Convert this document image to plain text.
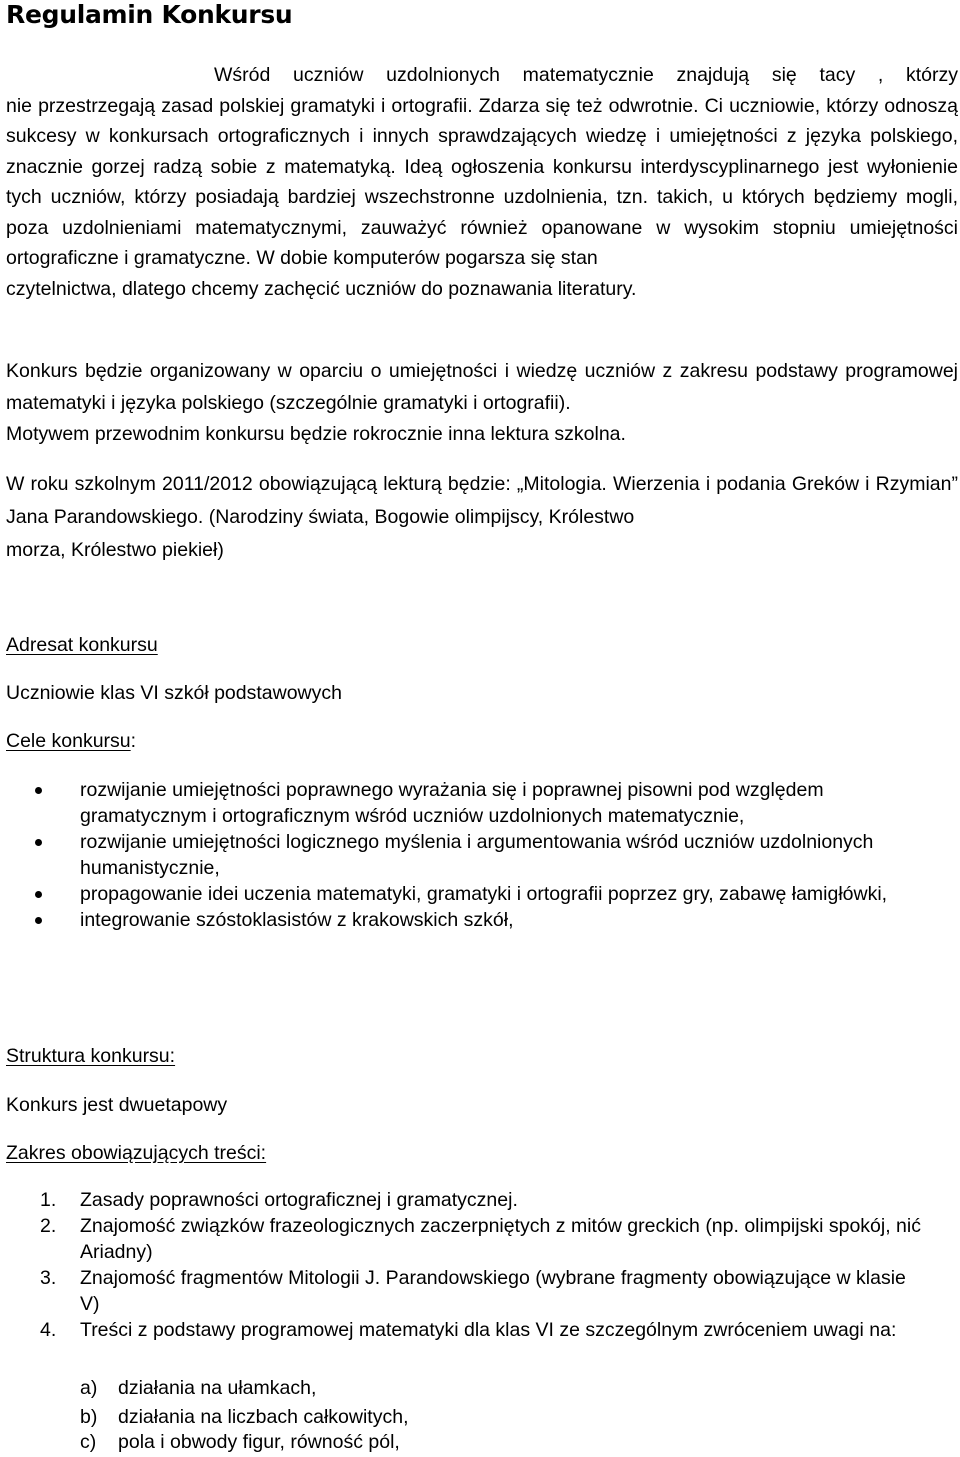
Regulamin Konkursu
Wśród uczniów uzdolnionych matematycznie znajdują się tacy , którzy
nie przestrzegają zasad polskiej gramatyki i ortografii. Zdarza się też odwrotnie. Ci uczniowie, którzy odnoszą sukcesy w konkursach ortograficznych i innych sprawdzających wiedzę i umiejętności z języka polskiego, znacznie gorzej radzą sobie z matematyką. Ideą ogłoszenia konkursu interdyscyplinarnego jest wyłonienie tych uczniów, którzy posiadają bardziej wszechstronne uzdolnienia, tzn. takich, u których będziemy mogli, poza uzdolnieniami matematycznymi, zauważyć również opanowane w wysokim stopniu umiejętności ortograficzne i gramatyczne. W dobie komputerów pogarsza się stan
czytelnictwa, dlatego chcemy zachęcić uczniów do poznawania literatury.
Konkurs będzie organizowany w oparciu o umiejętności i wiedzę uczniów z zakresu podstawy programowej matematyki i języka polskiego (szczególnie gramatyki i ortografii).
Motywem przewodnim konkursu będzie rokrocznie inna lektura szkolna.
W roku szkolnym 2011/2012 obowiązującą lekturą będzie: „Mitologia. Wierzenia i podania Greków i Rzymian” Jana Parandowskiego. (Narodziny świata, Bogowie olimpijscy, Królestwo
morza, Królestwo piekieł)
Adresat konkursu
Uczniowie klas VI szkół podstawowych
Cele konkursu:
rozwijanie umiejętności poprawnego wyrażania się i poprawnej pisowni pod względem gramatycznym i ortograficznym wśród uczniów uzdolnionych matematycznie,
rozwijanie umiejętności logicznego myślenia i argumentowania wśród uczniów uzdolnionych humanistycznie,
propagowanie idei uczenia matematyki, gramatyki i ortografii poprzez gry, zabawę łamigłówki,
integrowanie szóstoklasistów z krakowskich szkół,
Struktura konkursu:
Konkurs jest dwuetapowy
Zakres obowiązujących treści:
1. Zasady poprawności ortograficznej i gramatycznej.
2. Znajomość związków frazeologicznych zaczerpniętych z mitów greckich (np. olimpijski spokój, nić Ariadny)
3. Znajomość fragmentów Mitologii J. Parandowskiego (wybrane fragmenty obowiązujące w klasie V)
4. Treści z podstawy programowej matematyki dla klas VI ze szczególnym zwróceniem uwagi na:
a) działania na ułamkach,
b) działania na liczbach całkowitych,
c) pola i obwody figur, równość pól,
